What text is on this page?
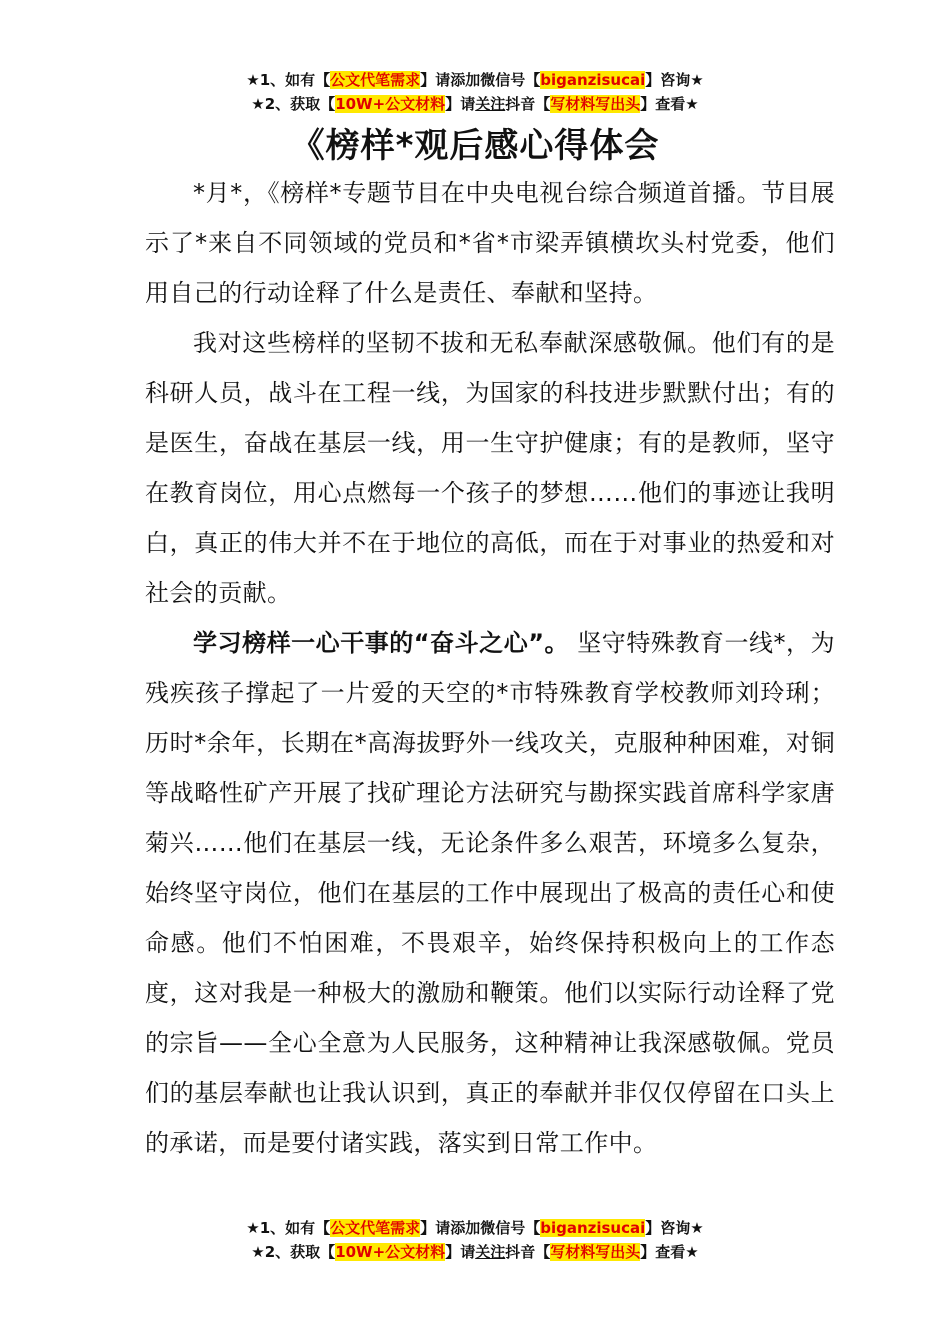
★1、如有【公文代笔需求】请添加微信号【biganzisucai】咨询★
★2、获取【10W+公文材料】请关注抖音【写材料写出头】查看★
《榜样*观后感心得体会

*月*，《榜样*专题节目在中央电视台综合频道首播。节目展示了*来自不同领域的党员和*省*市梁弄镇横坎头村党委，他们用自己的行动诠释了什么是责任、奉献和坚持。

我对这些榜样的坚韧不拔和无私奉献深感敬佩。他们有的是科研人员，战斗在工程一线，为国家的科技进步默默付出；有的是医生，奋战在基层一线，用一生守护健康；有的是教师，坚守在教育岗位，用心点燃每一个孩子的梦想……他们的事迹让我明白，真正的伟大并不在于地位的高低，而在于对事业的热爱和对社会的贡献。

学习榜样一心干事的“奋斗之心”。 坚守特殊教育一线*，为残疾孩子撑起了一片爱的天空的*市特殊教育学校教师刘玲琍；历时*余年，长期在*高海拔野外一线攻关，克服种种困难，对铜等战略性矿产开展了找矿理论方法研究与勘探实践首席科学家唐菊兴……他们在基层一线，无论条件多么艰苦，环境多么复杂，始终坚守岗位，他们在基层的工作中展现出了极高的责任心和使命感。他们不怕困难，不畏艰辛，始终保持积极向上的工作态度，这对我是一种极大的激励和鞭策。他们以实际行动诠释了党的宗旨——全心全意为人民服务，这种精神让我深感敬佩。党员们的基层奉献也让我认识到，真正的奉献并非仅仅停留在口头上的承诺，而是要付诸实践，落实到日常工作中。

★1、如有【公文代笔需求】请添加微信号【biganzisucai】咨询★
★2、获取【10W+公文材料】请关注抖音【写材料写出头】查看★
